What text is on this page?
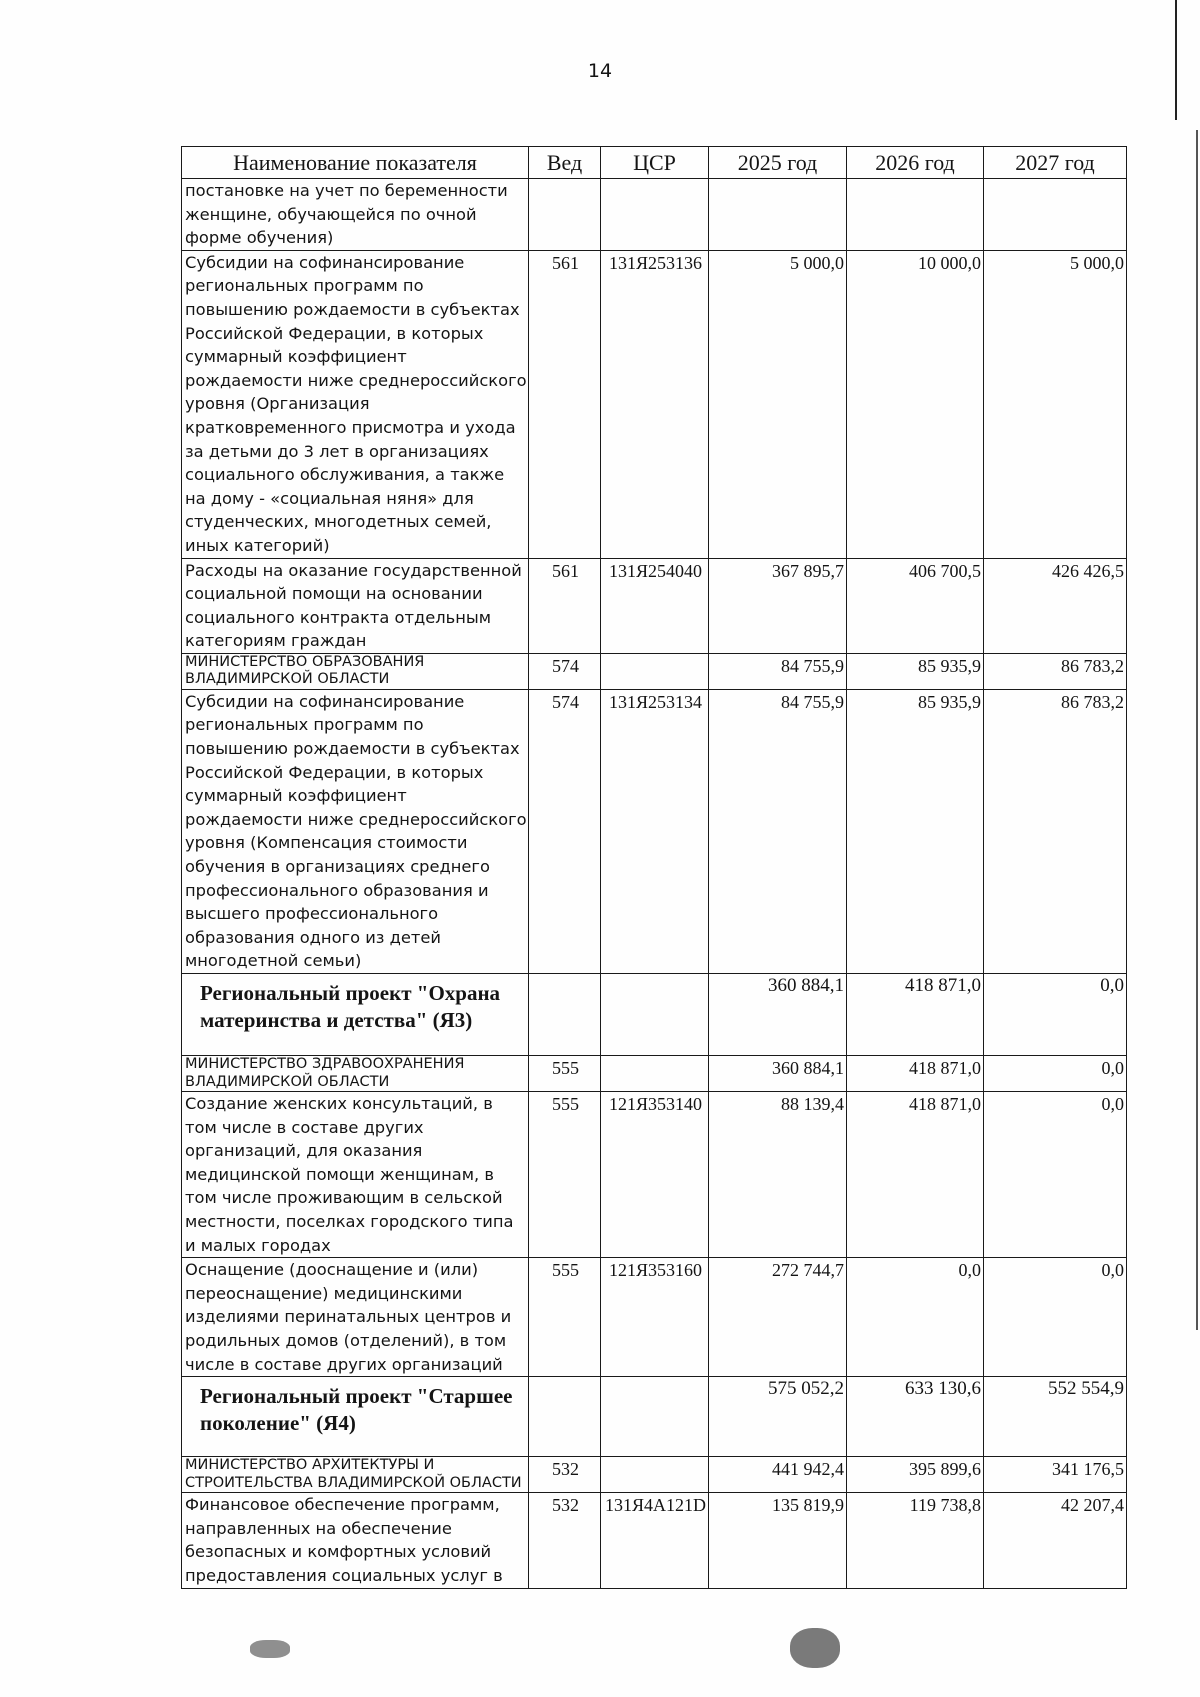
14
Наименование показателя	Вед	ЦСР	2025 год	2026 год	2027 год
постановке на учет по беременности женщине, обучающейся по очной форме обучения)					
Субсидии на софинансирование региональных программ по повышению рождаемости в субъектах Российской Федерации, в которых суммарный коэффициент рождаемости ниже среднероссийского уровня (Организация кратковременного присмотра и ухода за детьми до 3 лет в организациях социального обслуживания, а также на дому - «социальная няня» для студенческих, многодетных семей, иных категорий)	561	131Я253136	5 000,0	10 000,0	5 000,0
Расходы на оказание государственной социальной помощи на основании социального контракта отдельным категориям граждан	561	131Я254040	367 895,7	406 700,5	426 426,5
МИНИСТЕРСТВО ОБРАЗОВАНИЯ ВЛАДИМИРСКОЙ ОБЛАСТИ	574		84 755,9	85 935,9	86 783,2
Субсидии на софинансирование региональных программ по повышению рождаемости в субъектах Российской Федерации, в которых суммарный коэффициент рождаемости ниже среднероссийского уровня (Компенсация стоимости обучения в организациях среднего профессионального образования и высшего профессионального образования одного из детей многодетной семьи)	574	131Я253134	84 755,9	85 935,9	86 783,2
Региональный проект "Охрана материнства и детства" (Я3)			360 884,1	418 871,0	0,0
МИНИСТЕРСТВО ЗДРАВООХРАНЕНИЯ ВЛАДИМИРСКОЙ ОБЛАСТИ	555		360 884,1	418 871,0	0,0
Создание женских консультаций, в том числе в составе других организаций, для оказания медицинской помощи женщинам, в том числе проживающим в сельской местности, поселках городского типа и малых городах	555	121Я353140	88 139,4	418 871,0	0,0
Оснащение (дооснащение и (или) переоснащение) медицинскими изделиями перинатальных центров и родильных домов (отделений), в том числе в составе других организаций	555	121Я353160	272 744,7	0,0	0,0
Региональный проект "Старшее поколение" (Я4)			575 052,2	633 130,6	552 554,9
МИНИСТЕРСТВО АРХИТЕКТУРЫ И СТРОИТЕЛЬСТВА ВЛАДИМИРСКОЙ ОБЛАСТИ	532		441 942,4	395 899,6	341 176,5
Финансовое обеспечение программ, направленных на обеспечение безопасных и комфортных условий предоставления социальных услуг в	532	131Я4А121D	135 819,9	119 738,8	42 207,4
